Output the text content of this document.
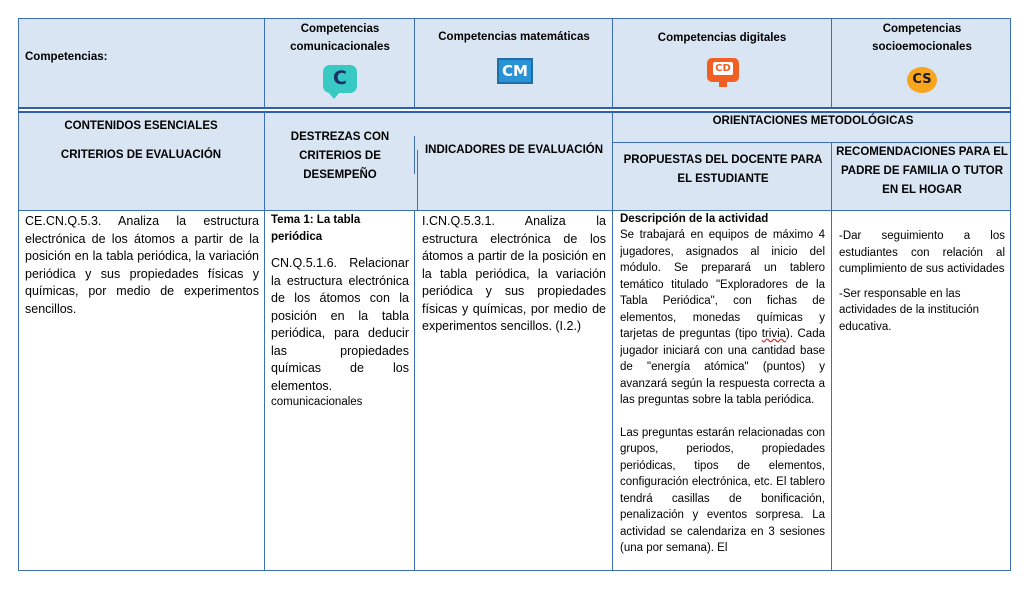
Competencias:
Competencias comunicacionales
C
Competencias matemáticas
CM
Competencias digitales
CD
Competencias socioemocionales
CS
CONTENIDOS ESENCIALES
CRITERIOS DE EVALUACIÓN
DESTREZAS CON CRITERIOS DE DESEMPEÑO
INDICADORES DE EVALUACIÓN
ORIENTACIONES METODOLÓGICAS
PROPUESTAS DEL DOCENTE PARA EL ESTUDIANTE
RECOMENDACIONES PARA EL PADRE DE FAMILIA O TUTOR EN EL HOGAR
CE.CN.Q.5.3. Analiza la estructura electrónica de los átomos a partir de la posición en la tabla periódica, la variación periódica y sus propiedades físicas y químicas, por medio de experimentos sencillos.

Tema 1: La tabla periódica

CN.Q.5.1.6. Relacionar la estructura electrónica de los átomos con la posición en la tabla periódica, para deducir las propiedades químicas de los elementos.

comunicacionales

I.CN.Q.5.3.1. Analiza la estructura electrónica de los átomos a partir de la posición en la tabla periódica, la variación periódica y sus propiedades físicas y químicas, por medio de experimentos sencillos. (I.2.)

Descripción de la actividad

Se trabajará en equipos de máximo 4 jugadores, asignados al inicio del módulo. Se preparará un tablero temático titulado "Exploradores de la Tabla Periódica", con fichas de elementos, monedas químicas y tarjetas de preguntas (tipo trivia). Cada jugador iniciará con una cantidad base de "energía atómica" (puntos) y avanzará según la respuesta correcta a las preguntas sobre la tabla periódica.

Las preguntas estarán relacionadas con grupos, periodos, propiedades periódicas, tipos de elementos, configuración electrónica, etc. El tablero tendrá casillas de bonificación, penalización y eventos sorpresa. La actividad se calendariza en 3 sesiones (una por semana). El

-Dar seguimiento a los estudiantes con relación al cumplimiento de sus actividades

-Ser responsable en las actividades de la institución educativa.
